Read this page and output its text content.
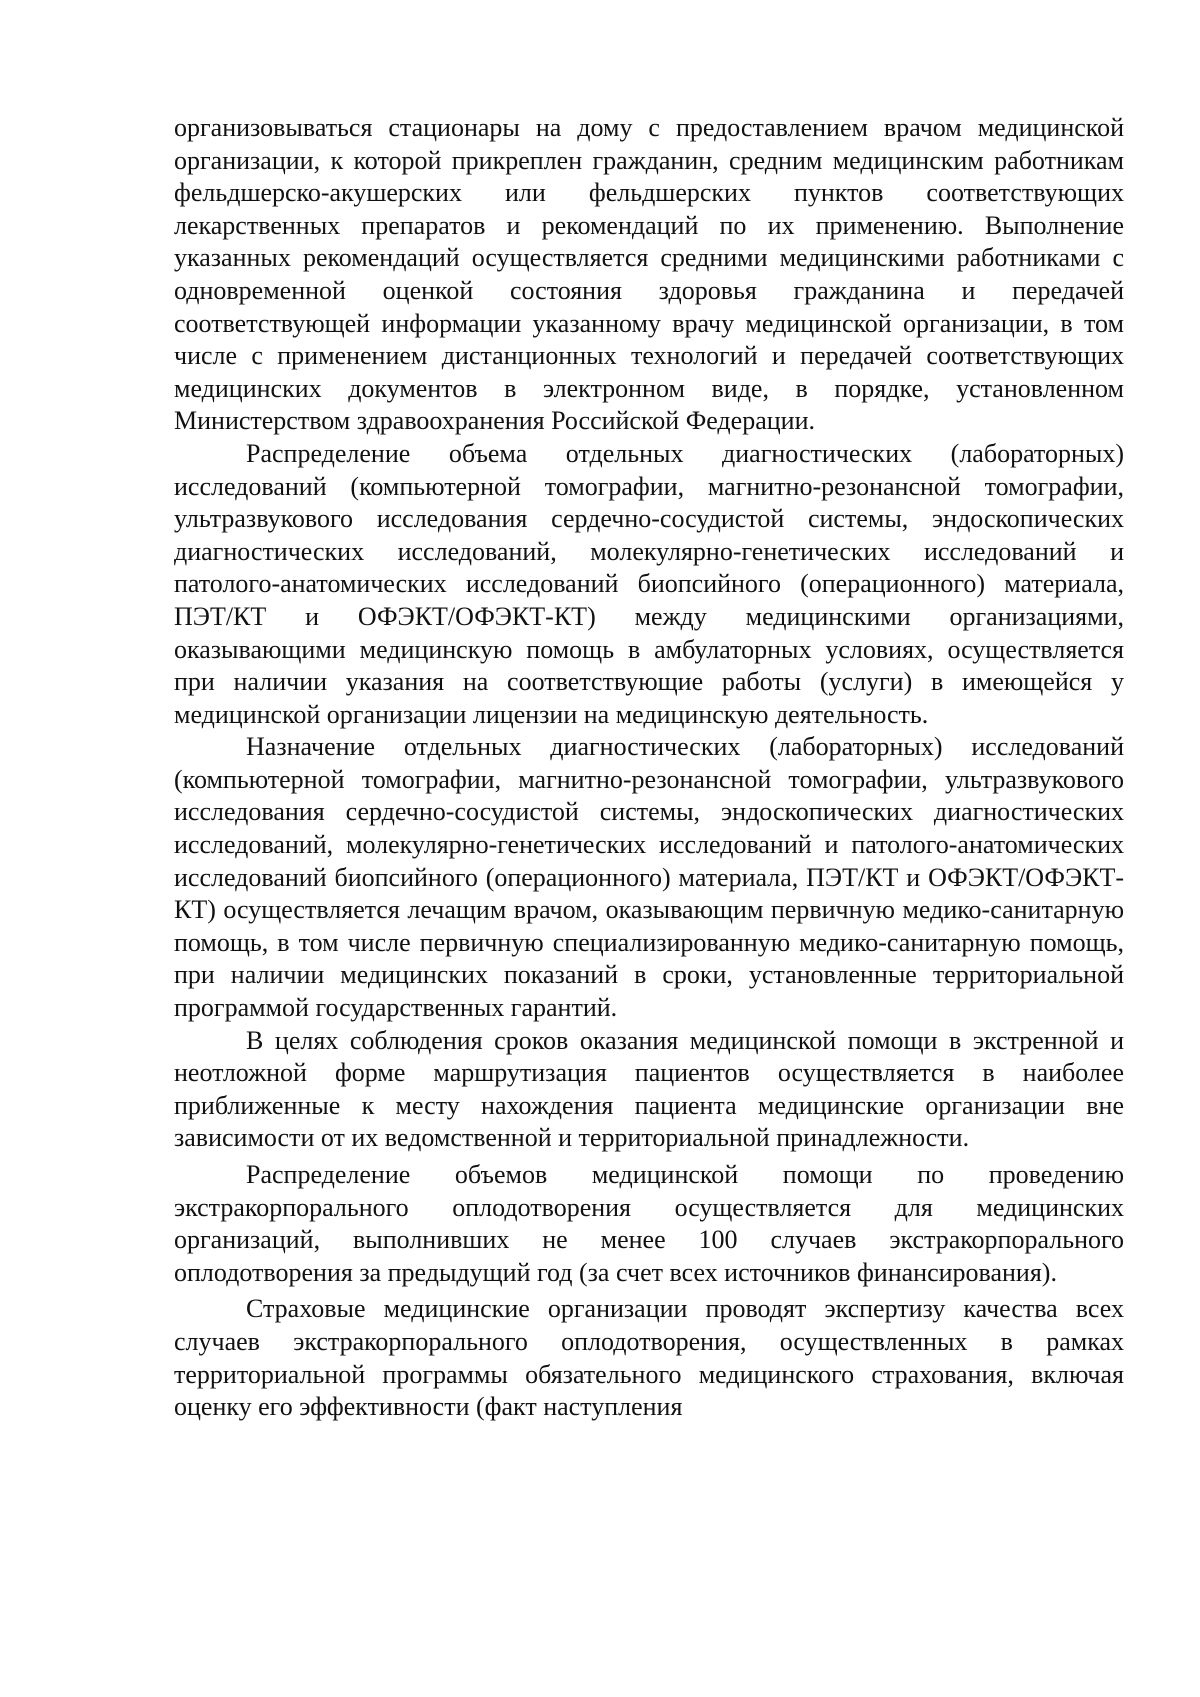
организовываться стационары на дому с предоставлением врачом медицинской организации, к которой прикреплен гражданин, средним медицинским работникам фельдшерско-акушерских или фельдшерских пунктов соответствующих лекарственных препаратов и рекомендаций по их применению. Выполнение указанных рекомендаций осуществляется средними медицинскими работниками с одновременной оценкой состояния здоровья гражданина и передачей соответствующей информации указанному врачу медицинской организации, в том числе с применением дистанционных технологий и передачей соответствующих медицинских документов в электронном виде, в порядке, установленном Министерством здравоохранения Российской Федерации.

Распределение объема отдельных диагностических (лабораторных) исследований (компьютерной томографии, магнитно-резонансной томографии, ультразвукового исследования сердечно-сосудистой системы, эндоскопических диагностических исследований, молекулярно-генетических исследований и патолого-анатомических исследований биопсийного (операционного) материала, ПЭТ/КТ и ОФЭКТ/ОФЭКТ-КТ) между медицинскими организациями, оказывающими медицинскую помощь в амбулаторных условиях, осуществляется при наличии указания на соответствующие работы (услуги) в имеющейся у медицинской организации лицензии на медицинскую деятельность.

Назначение отдельных диагностических (лабораторных) исследований (компьютерной томографии, магнитно-резонансной томографии, ультразвукового исследования сердечно-сосудистой системы, эндоскопических диагностических исследований, молекулярно-генетических исследований и патолого-анатомических исследований биопсийного (операционного) материала, ПЭТ/КТ и ОФЭКТ/ОФЭКТ-КТ) осуществляется лечащим врачом, оказывающим первичную медико-санитарную помощь, в том числе первичную специализированную медико-санитарную помощь, при наличии медицинских показаний в сроки, установленные территориальной программой государственных гарантий.

В целях соблюдения сроков оказания медицинской помощи в экстренной и неотложной форме маршрутизация пациентов осуществляется в наиболее приближенные к месту нахождения пациента медицинские организации вне зависимости от их ведомственной и территориальной принадлежности.

Распределение объемов медицинской помощи по проведению экстракорпорального оплодотворения осуществляется для медицинских организаций, выполнивших не менее 100 случаев экстракорпорального оплодотворения за предыдущий год (за счет всех источников финансирования).

Страховые медицинские организации проводят экспертизу качества всех случаев экстракорпорального оплодотворения, осуществленных в рамках территориальной программы обязательного медицинского страхования, включая оценку его эффективности (факт наступления
